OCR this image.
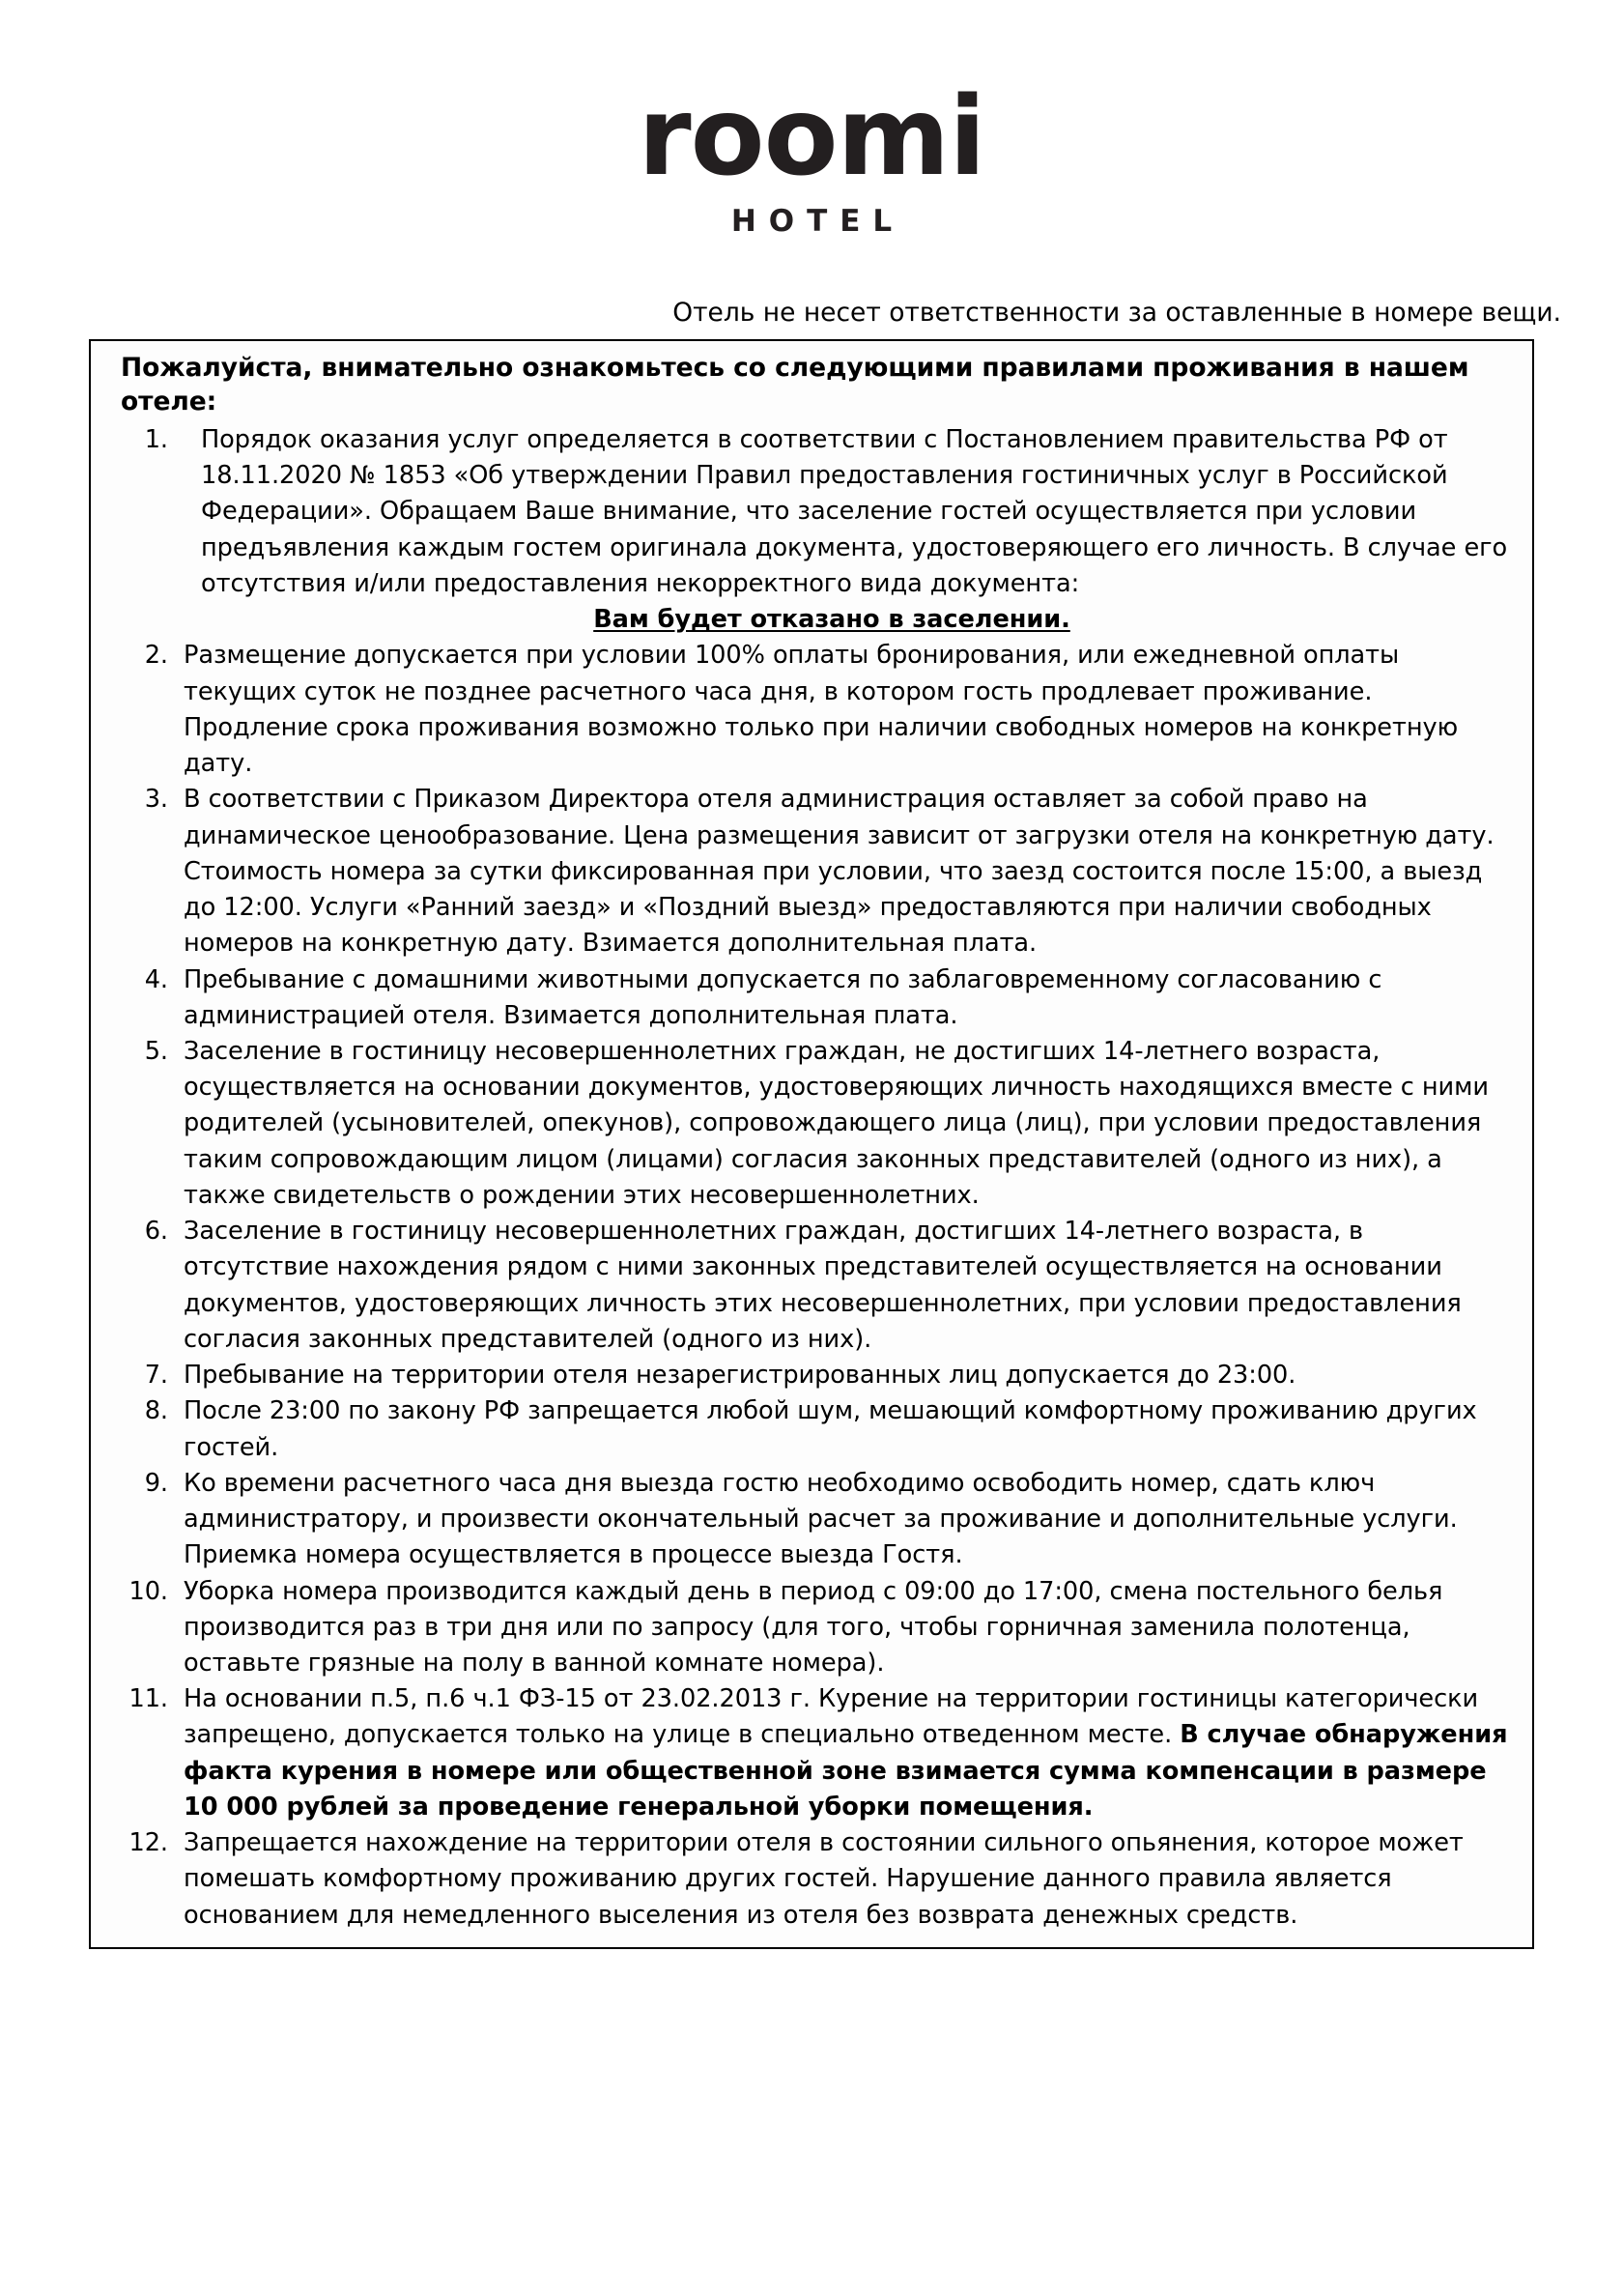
roomi
HOTEL
Отель не несет ответственности за оставленные в номере вещи.

Пожалуйста, внимательно ознакомьтесь со следующими правилами проживания в нашем отеле:

Порядок оказания услуг определяется в соответствии с Постановлением правительства РФ от 18.11.2020 № 1853 «Об утверждении Правил предоставления гостиничных услуг в Российской Федерации». Обращаем Ваше внимание, что заселение гостей осуществляется при условии предъявления каждым гостем оригинала документа, удостоверяющего его личность. В случае его отсутствия и/или предоставления некорректного вида документа:
Вам будет отказано в заселении.
Размещение допускается при условии 100% оплаты бронирования, или ежедневной оплаты текущих суток не позднее расчетного часа дня, в котором гость продлевает проживание. Продление срока проживания возможно только при наличии свободных номеров на конкретную дату.
В соответствии с Приказом Директора отеля администрация оставляет за собой право на динамическое ценообразование. Цена размещения зависит от загрузки отеля на конкретную дату. Стоимость номера за сутки фиксированная при условии, что заезд состоится после 15:00, а выезд до 12:00. Услуги «Ранний заезд» и «Поздний выезд» предоставляются при наличии свободных номеров на конкретную дату. Взимается дополнительная плата.
Пребывание с домашними животными допускается по заблаговременному согласованию с администрацией отеля. Взимается дополнительная плата.
Заселение в гостиницу несовершеннолетних граждан, не достигших 14-летнего возраста, осуществляется на основании документов, удостоверяющих личность находящихся вместе с ними родителей (усыновителей, опекунов), сопровождающего лица (лиц), при условии предоставления таким сопровождающим лицом (лицами) согласия законных представителей (одного из них), а также свидетельств о рождении этих несовершеннолетних.
Заселение в гостиницу несовершеннолетних граждан, достигших 14-летнего возраста, в отсутствие нахождения рядом с ними законных представителей осуществляется на основании документов, удостоверяющих личность этих несовершеннолетних, при условии предоставления согласия законных представителей (одного из них).
Пребывание на территории отеля незарегистрированных лиц допускается до 23:00.
После 23:00 по закону РФ запрещается любой шум, мешающий комфортному проживанию других гостей.
Ко времени расчетного часа дня выезда гостю необходимо освободить номер, сдать ключ администратору, и произвести окончательный расчет за проживание и дополнительные услуги. Приемка номера осуществляется в процессе выезда Гостя.
Уборка номера производится каждый день в период с 09:00 до 17:00, смена постельного белья производится раз в три дня или по запросу (для того, чтобы горничная заменила полотенца, оставьте грязные на полу в ванной комнате номера).
На основании п.5, п.6 ч.1 ФЗ-15 от 23.02.2013 г. Курение на территории гостиницы категорически запрещено, допускается только на улице в специально отведенном месте. В случае обнаружения факта курения в номере или общественной зоне взимается сумма компенсации в размере 10 000 рублей за проведение генеральной уборки помещения.
Запрещается нахождение на территории отеля в состоянии сильного опьянения, которое может помешать комфортному проживанию других гостей. Нарушение данного правила является основанием для немедленного выселения из отеля без возврата денежных средств.
